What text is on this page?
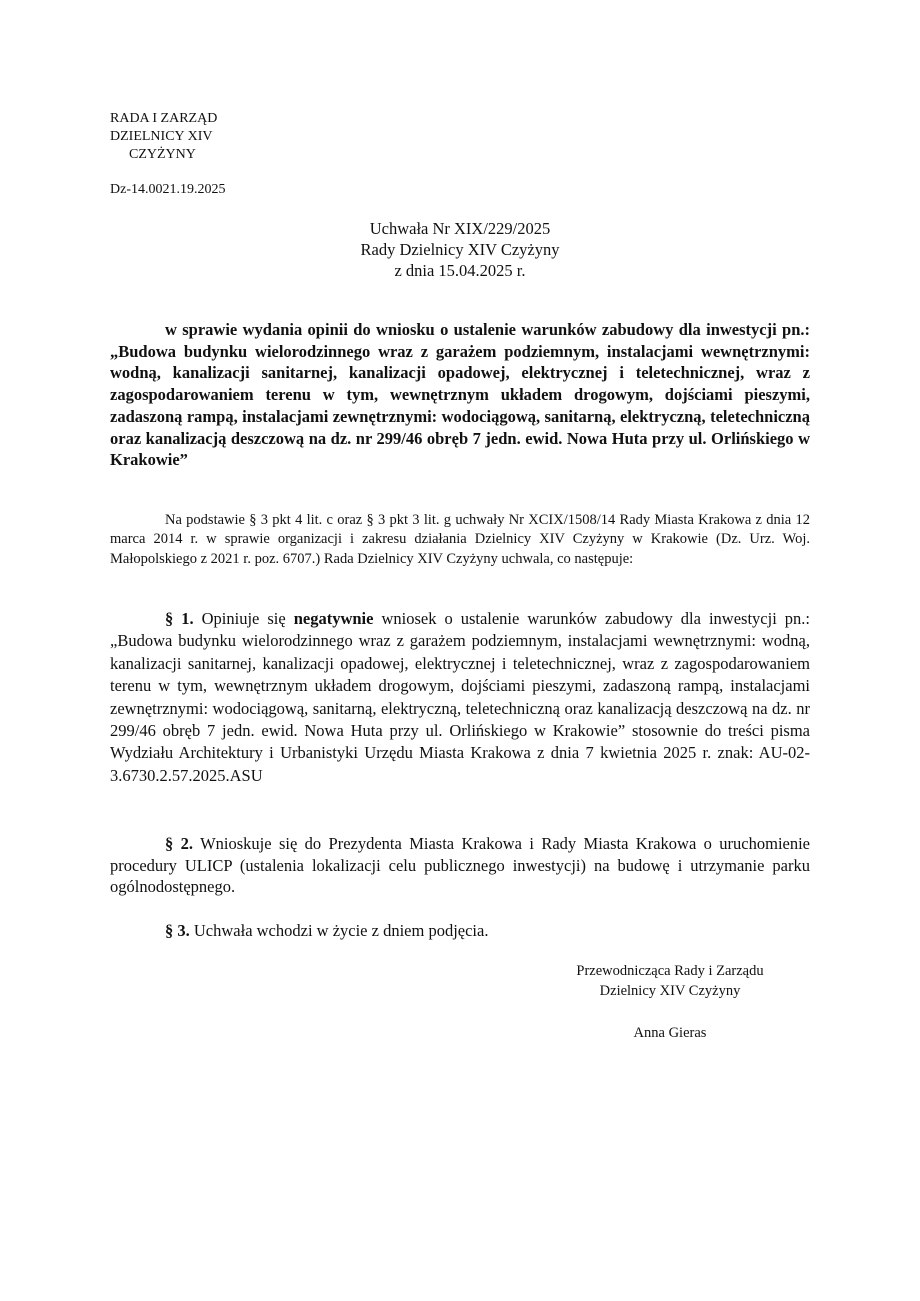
RADA I ZARZĄD
DZIELNICY XIV
CZYŻYNY
Dz-14.0021.19.2025
Uchwała Nr XIX/229/2025
Rady Dzielnicy XIV Czyżyny
z dnia 15.04.2025 r.

w sprawie wydania opinii do wniosku o ustalenie warunków zabudowy dla inwestycji pn.: „Budowa budynku wielorodzinnego wraz z garażem podziemnym, instalacjami wewnętrznymi: wodną, kanalizacji sanitarnej, kanalizacji opadowej, elektrycznej i teletechnicznej, wraz z zagospodarowaniem terenu w tym, wewnętrznym układem drogowym, dojściami pieszymi, zadaszoną rampą, instalacjami zewnętrznymi: wodociągową, sanitarną, elektryczną, teletechniczną oraz kanalizacją deszczową na dz. nr 299/46 obręb 7 jedn. ewid. Nowa Huta przy ul. Orlińskiego w Krakowie”

Na podstawie § 3 pkt 4 lit. c oraz § 3 pkt 3 lit. g uchwały Nr XCIX/1508/14 Rady Miasta Krakowa z dnia 12 marca 2014 r. w sprawie organizacji i zakresu działania Dzielnicy XIV Czyżyny w Krakowie (Dz. Urz. Woj. Małopolskiego z 2021 r. poz. 6707.) Rada Dzielnicy XIV Czyżyny uchwala, co następuje:

§ 1. Opiniuje się negatywnie wniosek o ustalenie warunków zabudowy dla inwestycji pn.: „Budowa budynku wielorodzinnego wraz z garażem podziemnym, instalacjami wewnętrznymi: wodną, kanalizacji sanitarnej, kanalizacji opadowej, elektrycznej i teletechnicznej, wraz z zagospodarowaniem terenu w tym, wewnętrznym układem drogowym, dojściami pieszymi, zadaszoną rampą, instalacjami zewnętrznymi: wodociągową, sanitarną, elektryczną, teletechniczną oraz kanalizacją deszczową na dz. nr 299/46 obręb 7 jedn. ewid. Nowa Huta przy ul. Orlińskiego w Krakowie” stosownie do treści pisma Wydziału Architektury i Urbanistyki Urzędu Miasta Krakowa z dnia 7 kwietnia 2025 r. znak: AU-02-3.6730.2.57.2025.ASU

§ 2. Wnioskuje się do Prezydenta Miasta Krakowa i Rady Miasta Krakowa o uruchomienie procedury ULICP (ustalenia lokalizacji celu publicznego inwestycji) na budowę i utrzymanie parku ogólnodostępnego.

§ 3. Uchwała wchodzi w życie z dniem podjęcia.

Przewodnicząca Rady i Zarządu
Dzielnicy XIV Czyżyny
Anna Gieras
